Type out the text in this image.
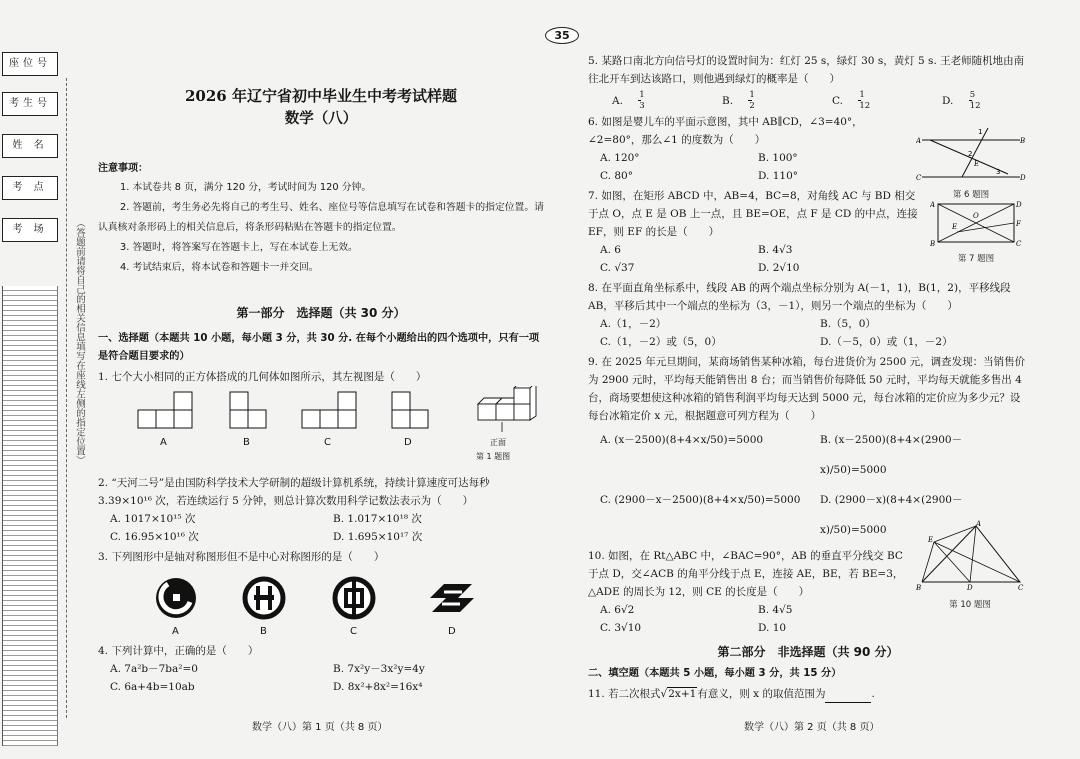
座位号
考生号
姓 名
考 点
考 场	（答题前请将自己的相关信息填写在座线左侧的指定位置）
35
2026 年辽宁省初中毕业生中考考试样题
数学（八）
注意事项：

1. 本试卷共 8 页，满分 120 分，考试时间为 120 分钟。

2. 答题前，考生务必先将自己的考生号、姓名、座位号等信息填写在试卷和答题卡的指定位置。请认真核对条形码上的相关信息后，将条形码粘贴在答题卡的指定位置。

3. 答题时，将答案写在答题卡上，写在本试卷上无效。

4. 考试结束后，将本试卷和答题卡一并交回。

第一部分　选择题（共 30 分）
一、选择题（本题共 10 小题，每小题 3 分，共 30 分. 在每个小题给出的四个选项中，只有一项是符合题目要求的）
1. 七个大小相同的正方体搭成的几何体如图所示，其左视图是（　　）
A	B	C	D	正面
第 1 题图
2. “天河二号”是由国防科学技术大学研制的超级计算机系统，持续计算速度可达每秒 3.39×10¹⁶ 次，若连续运行 5 分钟，则总计算次数用科学记数法表示为（　　）
A. 1017×10¹⁵ 次	B. 1.017×10¹⁸ 次
C. 16.95×10¹⁶ 次	D. 1.695×10¹⁷ 次
3. 下列图形中是轴对称图形但不是中心对称图形的是（　　）
A	B	C	D
4. 下列计算中，正确的是（　　）
A. 7a²b－7ba²=0	B. 7x²y－3x²y=4y
C. 6a+4b=10ab	D. 8x²+8x²=16x⁴
数学（八）第 1 页（共 8 页）
5. 某路口南北方向信号灯的设置时间为：红灯 25 s，绿灯 30 s，黄灯 5 s. 王老师随机地由南往北开车到达该路口，则他遇到绿灯的概率是（　　）
A. $\frac{1}{3}$	B. $\frac{1}{2}$	C. $\frac{1}{12}$	D. $\frac{5}{12}$
6. 如图是婴儿车的平面示意图，其中 AB∥CD，∠3=40°，∠2=80°，那么∠1 的度数为（　　）
A. 120°	B. 100°
C. 80°	D. 110°
7. 如图，在矩形 ABCD 中，AB=4，BC=8，对角线 AC 与 BD 相交于点 O，点 E 是 OB 上一点，且 BE=OE，点 F 是 CD 的中点，连接 EF，则 EF 的长是（　　）
A. 6	B. 4√3
C. √37	D. 2√10
8. 在平面直角坐标系中，线段 AB 的两个端点坐标分别为 A(－1，1)，B(1，2)，平移线段 AB，平移后其中一个端点的坐标为（3，－1），则另一个端点的坐标为（　　）
A.（1，－2）	B.（5，0）
C.（1，－2）或（5，0）	D.（－5，0）或（1，－2）
9. 在 2025 年元旦期间，某商场销售某种冰箱，每台进货价为 2500 元，调查发现：当销售价为 2900 元时，平均每天能销售出 8 台；而当销售价每降低 50 元时，平均每天就能多售出 4 台，商场要想使这种冰箱的销售利润平均每天达到 5000 元，每台冰箱的定价应为多少元？设每台冰箱定价 x 元，根据题意可列方程为（　　）
A. (x－2500)(8+4×x/50)=5000	B. (x－2500)(8+4×(2900－x)/50)=5000
C. (2900－x－2500)(8+4×x/50)=5000	D. (2900－x)(8+4×(2900－x)/50)=5000
10. 如图，在 Rt△ABC 中，∠BAC=90°，AB 的垂直平分线交 BC 于点 D，交∠ACB 的角平分线于点 E，连接 AE，BE，若 BE=3，△ADE 的周长为 12，则 CE 的长度是（　　）
A. 6√2	B. 4√5
C. 3√10	D. 10
第二部分　非选择题（共 90 分）
二、填空题（本题共 5 小题，每小题 3 分，共 15 分）
11. 若二次根式√2x+1有意义，则 x 的取值范围为	.
A	B
C	D
1
2
3
E
第 6 题图
A	D
B	C
F
O
E
第 7 题图
A
E
B	D	C
第 10 题图
数学（八）第 2 页（共 8 页）
